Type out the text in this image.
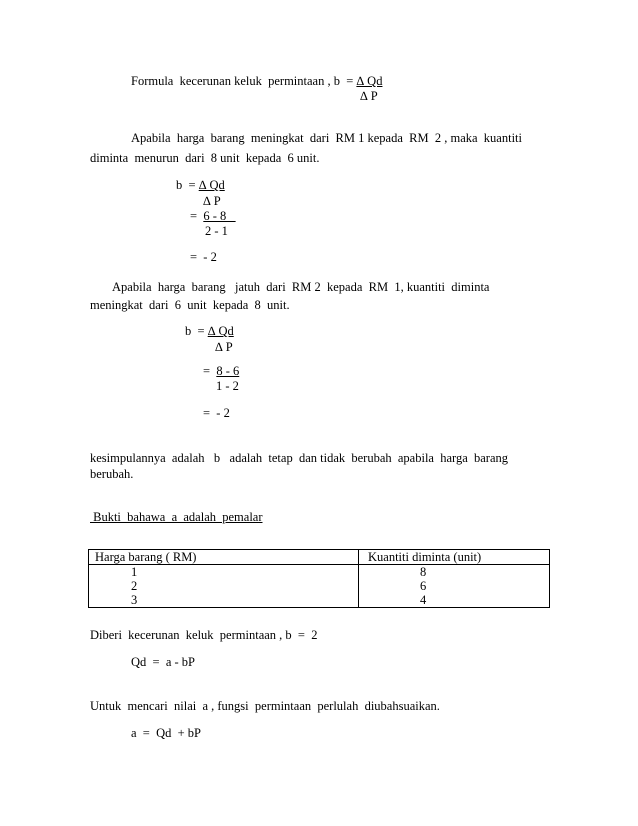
Formula  kecerunan keluk  permintaan , b  = ∆ Qd
∆ P
Apabila  harga  barang  meningkat  dari  RM 1 kepada  RM  2 , maka  kuantiti
diminta  menurun  dari  8 unit  kepada  6 unit.
b  = ∆ Qd
∆ P
=  6 - 8
2 - 1
=  - 2
Apabila  harga  barang   jatuh  dari  RM 2  kepada  RM  1, kuantiti  diminta
meningkat  dari  6  unit  kepada  8  unit.
b  = ∆ Qd
∆ P
=  8 - 6
1 - 2
=  - 2
kesimpulannya  adalah   b   adalah  tetap  dan tidak  berubah  apabila  harga  barang
berubah.
Bukti  bahawa  a  adalah  pemalar
Harga barang ( RM)	Kuantiti diminta (unit)
1	8
2	6
3	4
Diberi  kecerunan  keluk  permintaan , b  =  2
Qd  =  a - bP
Untuk  mencari  nilai  a , fungsi  permintaan  perlulah  diubahsuaikan.
a  =  Qd  + bP
